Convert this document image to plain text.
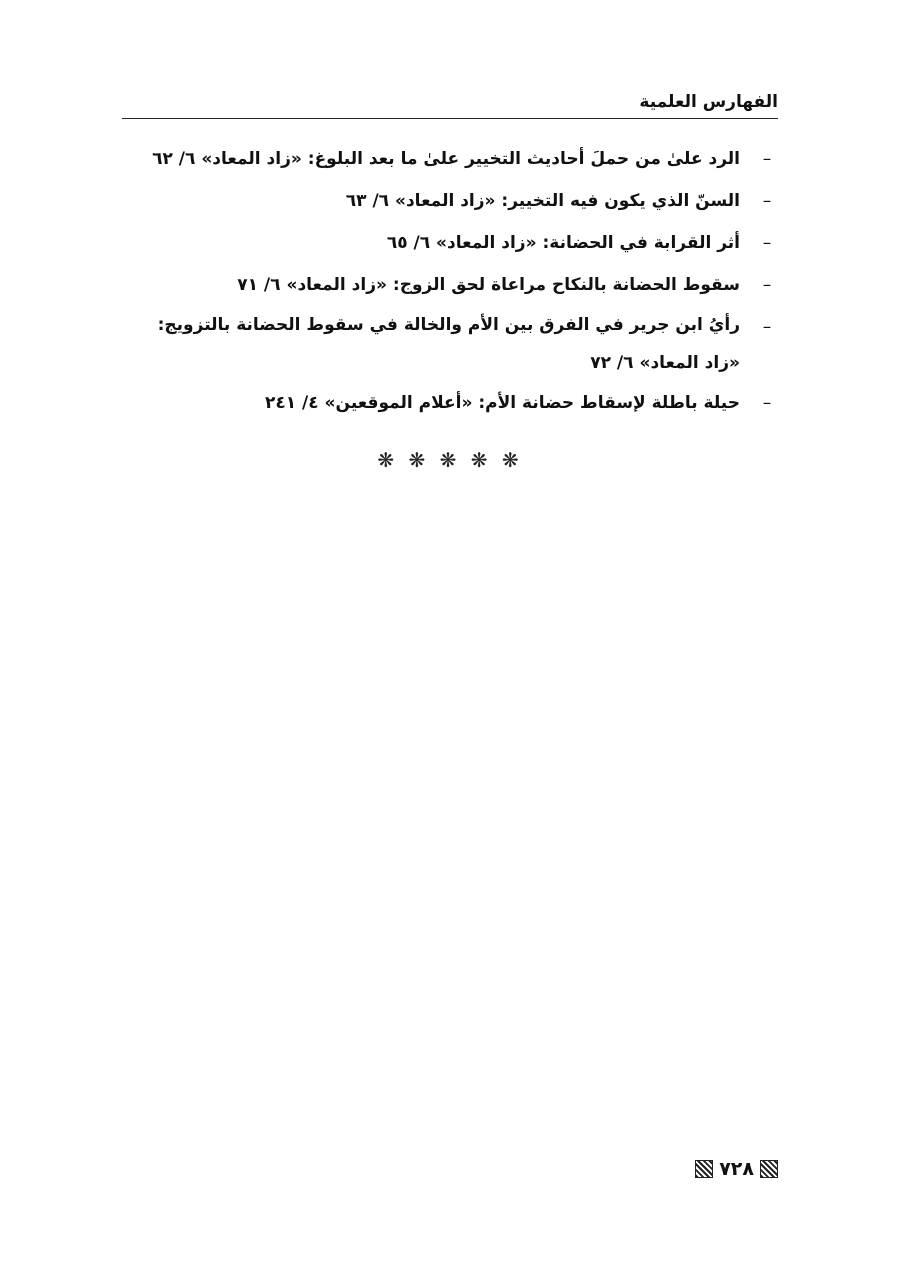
الفهارس العلمية
–
الرد علىٰ من حملَ أحاديث التخيير علىٰ ما بعد البلوغ: «زاد المعاد» ٦/ ٦٢
–
السنّ الذي يكون فيه التخيير: «زاد المعاد» ٦/ ٦٣
–
أثر القرابة في الحضانة: «زاد المعاد» ٦/ ٦٥
–
سقوط الحضانة بالنكاح مراعاة لحق الزوج: «زاد المعاد» ٦/ ٧١
–
رأيُ ابن جرير في الفرق بين الأم والخالة في سقوط الحضانة بالتزويج: «زاد المعاد» ٦/ ٧٢
–
حيلة باطلة لإسقاط حضانة الأم: «أعلام الموقعين» ٤/ ٢٤١
❋ ❋ ❋ ❋ ❋
٧٢٨
